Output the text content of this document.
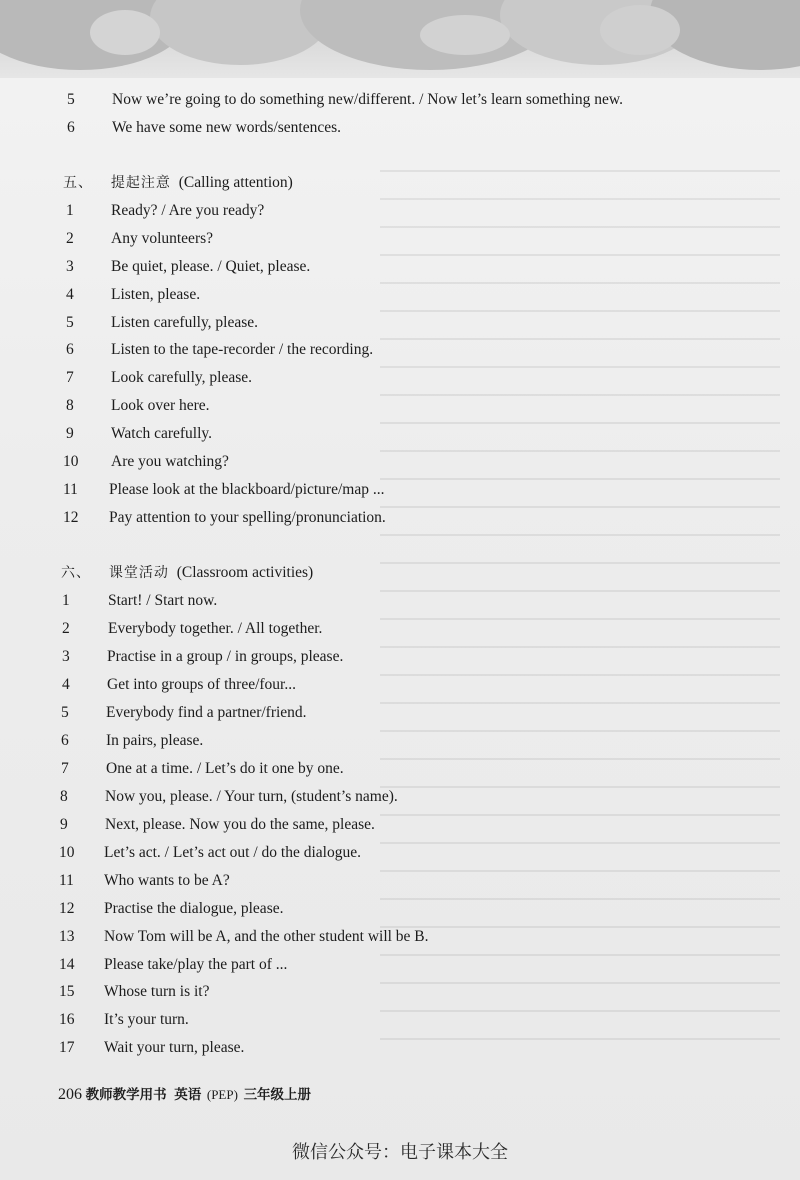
5 Now we’re going to do something new/different. / Now let’s learn something new.
6 We have some new words/sentences.
五、 提起注意 (Calling attention)
1 Ready? / Are you ready?
2 Any volunteers?
3 Be quiet, please. / Quiet, please.
4 Listen, please.
5 Listen carefully, please.
6 Listen to the tape-recorder / the recording.
7 Look carefully, please.
8 Look over here.
9 Watch carefully.
10 Are you watching?
11 Please look at the blackboard/picture/map ...
12 Pay attention to your spelling/pronunciation.
六、 课堂活动 (Classroom activities)
1 Start! / Start now.
2 Everybody together. / All together.
3 Practise in a group / in groups, please.
4 Get into groups of three/four...
5 Everybody find a partner/friend.
6 In pairs, please.
7 One at a time. / Let’s do it one by one.
8 Now you, please. / Your turn, (student’s name).
9 Next, please. Now you do the same, please.
10 Let’s act. / Let’s act out / do the dialogue.
11 Who wants to be A?
12 Practise the dialogue, please.
13 Now Tom will be A, and the other student will be B.
14 Please take/play the part of ...
15 Whose turn is it?
16 It’s your turn.
17 Wait your turn, please.
206 教师教学用书 英语 (PEP) 三年级上册
微信公众号：电子课本大全
